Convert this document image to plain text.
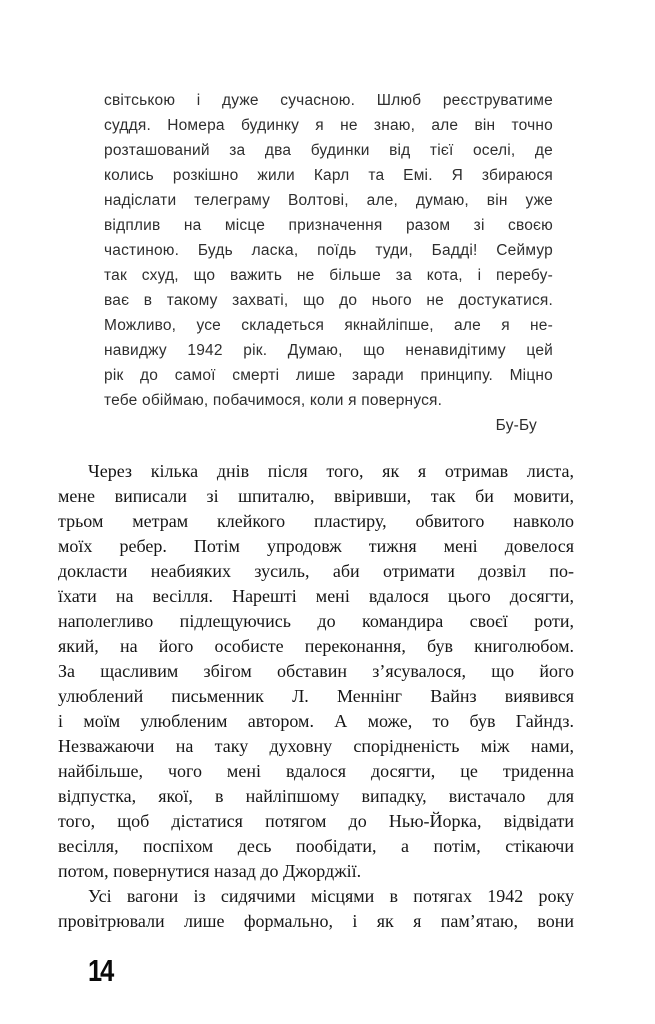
світською і дуже сучасною. Шлюб реєструватиме
суддя. Номера будинку я не знаю, але він точно
розташований за два будинки від тієї оселі, де
колись розкішно жили Карл та Емі. Я збираюся
надіслати телеграму Волтові, але, думаю, він уже
відплив на місце призначення разом зі своєю
частиною. Будь ласка, поїдь туди, Бадді! Сеймур
так схуд, що важить не більше за кота, і перебу-
ває в такому захваті, що до нього не достукатися.
Можливо, усе складеться якнайліпше, але я не-
навиджу 1942 рік. Думаю, що ненавидітиму цей
рік до самої смерті лише заради принципу. Міцно
тебе обіймаю, побачимося, коли я повернуся.
Бу-Бу
Через кілька днів після того, як я отримав листа,
мене виписали зі шпиталю, ввіривши, так би мовити,
трьом метрам клейкого пластиру, обвитого навколо
моїх ребер. Потім упродовж тижня мені довелося
докласти неабияких зусиль, аби отримати дозвіл по-
їхати на весілля. Нарешті мені вдалося цього досягти,
наполегливо підлещуючись до командира своєї роти,
який, на його особисте переконання, був книголюбом.
За щасливим збігом обставин з’ясувалося, що його
улюблений письменник Л. Меннінг Вайнз виявився
і моїм улюбленим автором. А може, то був Гайндз.
Незважаючи на таку духовну спорідненість між нами,
найбільше, чого мені вдалося досягти, це триденна
відпустка, якої, в найліпшому випадку, вистачало для
того, щоб дістатися потягом до Нью-Йорка, відвідати
весілля, поспіхом десь пообідати, а потім, стікаючи
потом, повернутися назад до Джорджії.
Усі вагони із сидячими місцями в потягах 1942 року
провітрювали лише формально, і як я пам’ятаю, вони
14
